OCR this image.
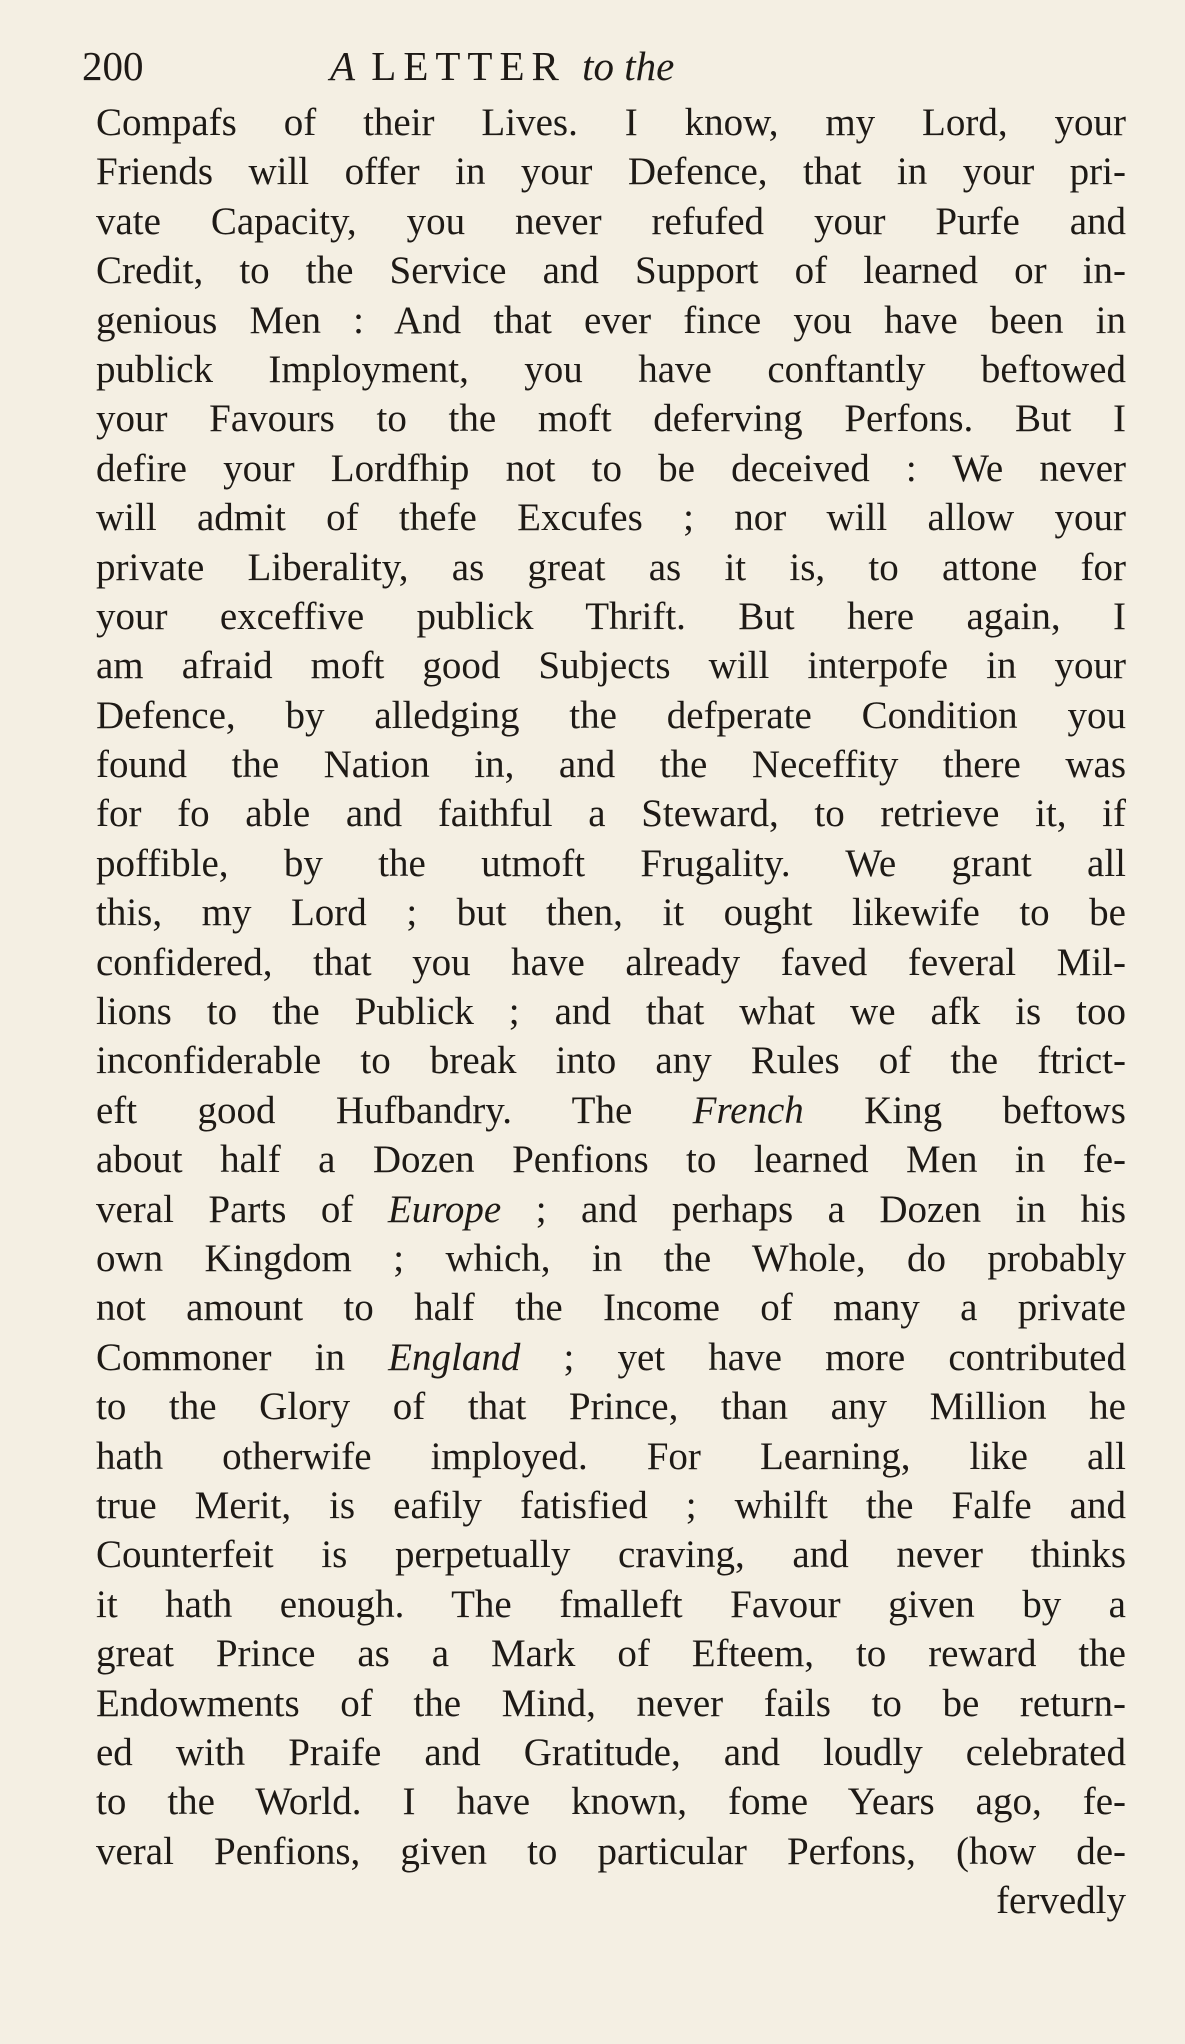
200	A LETTER to the
Compafs of their Lives. I know, my Lord, your
Friends will offer in your Defence, that in your pri-
vate Capacity, you never refufed your Purfe and
Credit, to the Service and Support of learned or in-
genious Men : And that ever fince you have been in
publick Imployment, you have conftantly beftowed
your Favours to the moft deferving Perfons. But I
defire your Lordfhip not to be deceived : We never
will admit of thefe Excufes ; nor will allow your
private Liberality, as great as it is, to attone for
your exceffive publick Thrift. But here again, I
am afraid moft good Subjects will interpofe in your
Defence, by alledging the defperate Condition you
found the Nation in, and the Neceffity there was
for fo able and faithful a Steward, to retrieve it, if
poffible, by the utmoft Frugality. We grant all
this, my Lord ; but then, it ought likewife to be
confidered, that you have already faved feveral Mil-
lions to the Publick ; and that what we afk is too
inconfiderable to break into any Rules of the ftrict-
eft good Hufbandry. The French King beftows
about half a Dozen Penfions to learned Men in fe-
veral Parts of Europe ; and perhaps a Dozen in his
own Kingdom ; which, in the Whole, do probably
not amount to half the Income of many a private
Commoner in England ; yet have more contributed
to the Glory of that Prince, than any Million he
hath otherwife imployed. For Learning, like all
true Merit, is eafily fatisfied ; whilft the Falfe and
Counterfeit is perpetually craving, and never thinks
it hath enough. The fmalleft Favour given by a
great Prince as a Mark of Efteem, to reward the
Endowments of the Mind, never fails to be return-
ed with Praife and Gratitude, and loudly celebrated
to the World. I have known, fome Years ago, fe-
veral Penfions, given to particular Perfons, (how de-
fervedly
